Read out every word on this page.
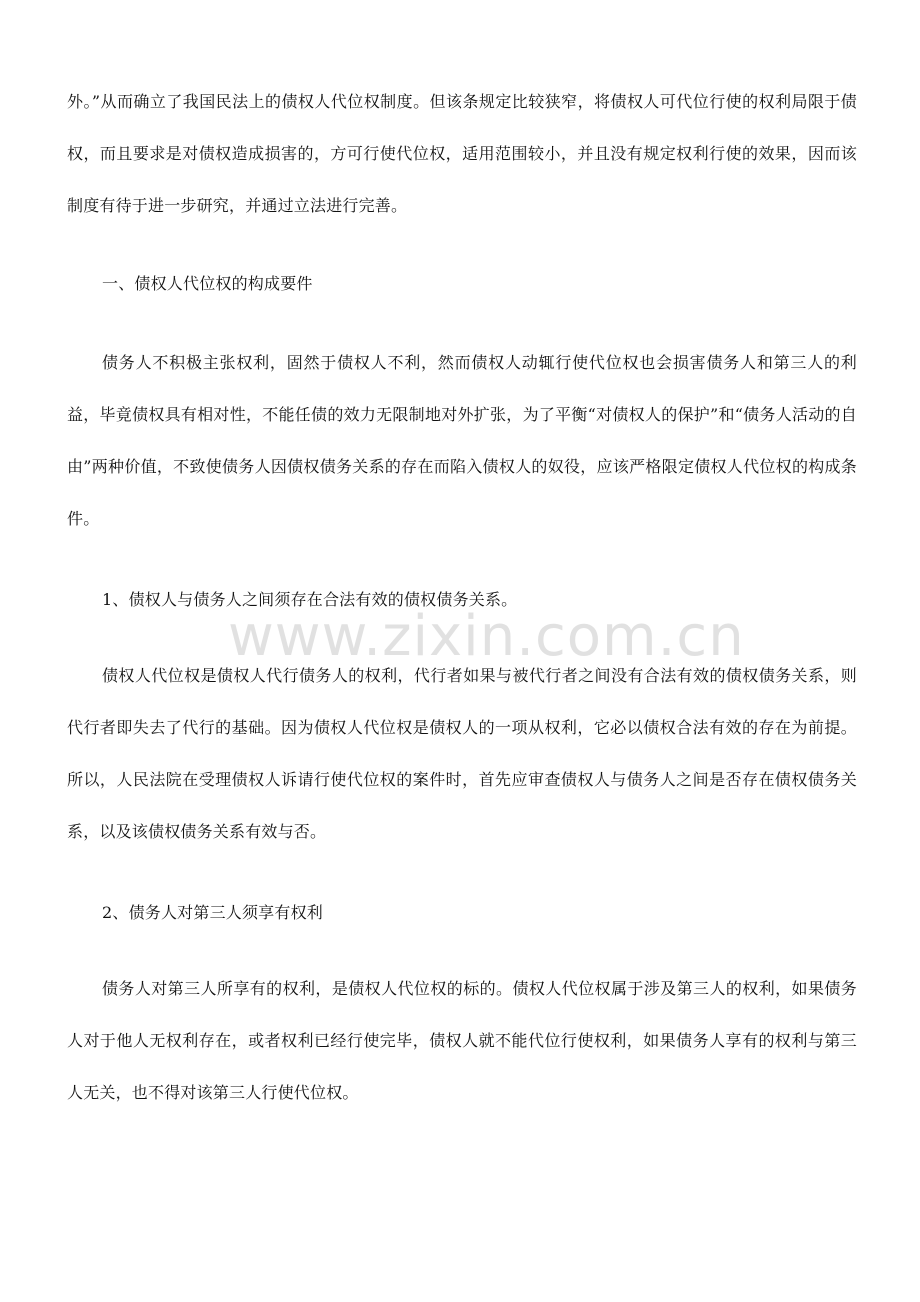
外。”从而确立了我国民法上的债权人代位权制度。但该条规定比较狭窄，将债权人可代位行使的权利局限于债权，而且要求是对债权造成损害的，方可行使代位权，适用范围较小，并且没有规定权利行使的效果，因而该制度有待于进一步研究，并通过立法进行完善。

一、债权人代位权的构成要件

债务人不积极主张权利，固然于债权人不利，然而债权人动辄行使代位权也会损害债务人和第三人的利益，毕竟债权具有相对性，不能任债的效力无限制地对外扩张，为了平衡“对债权人的保护”和“债务人活动的自由”两种价值，不致使债务人因债权债务关系的存在而陷入债权人的奴役，应该严格限定债权人代位权的构成条件。

1、债权人与债务人之间须存在合法有效的债权债务关系。

债权人代位权是债权人代行债务人的权利，代行者如果与被代行者之间没有合法有效的债权债务关系，则代行者即失去了代行的基础。因为债权人代位权是债权人的一项从权利，它必以债权合法有效的存在为前提。所以，人民法院在受理债权人诉请行使代位权的案件时，首先应审查债权人与债务人之间是否存在债权债务关系，以及该债权债务关系有效与否。

2、债务人对第三人须享有权利

债务人对第三人所享有的权利，是债权人代位权的标的。债权人代位权属于涉及第三人的权利，如果债务人对于他人无权利存在，或者权利已经行使完毕，债权人就不能代位行使权利，如果债务人享有的权利与第三人无关，也不得对该第三人行使代位权。

www.zixin.com.cn
